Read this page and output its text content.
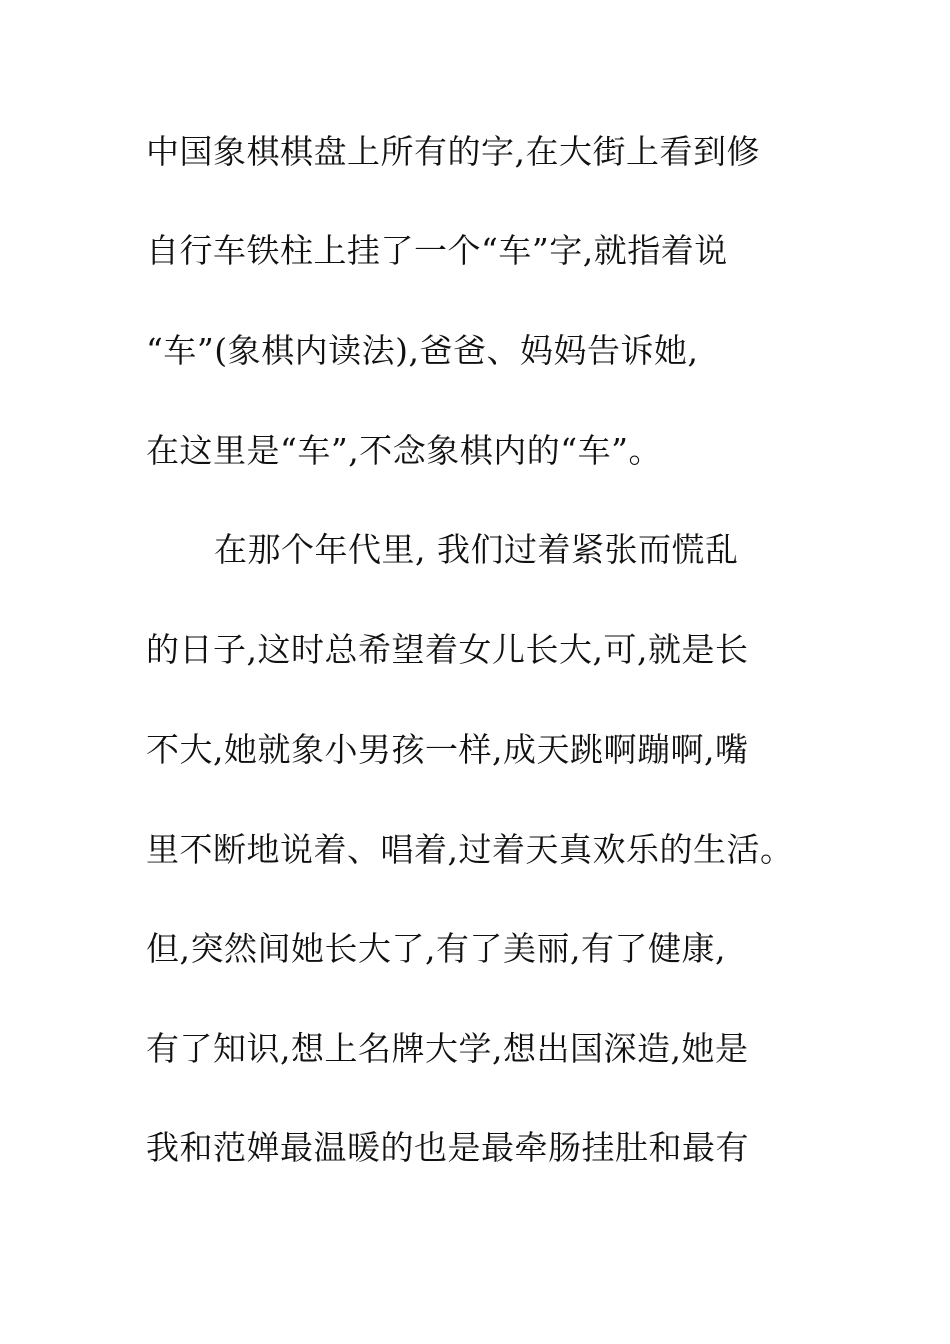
中国象棋棋盘上所有的字,在大街上看到修
自行车铁柱上挂了一个“车”字,就指着说
“车”(象棋内读法),爸爸、妈妈告诉她,
在这里是“车”,不念象棋内的“车”。
在那个年代里, 我们过着紧张而慌乱
的日子,这时总希望着女儿长大,可,就是长
不大,她就象小男孩一样,成天跳啊蹦啊,嘴
里不断地说着、唱着,过着天真欢乐的生活。
但,突然间她长大了,有了美丽,有了健康,
有了知识,想上名牌大学,想出国深造,她是
我和范婵最温暖的也是最牵肠挂肚和最有
